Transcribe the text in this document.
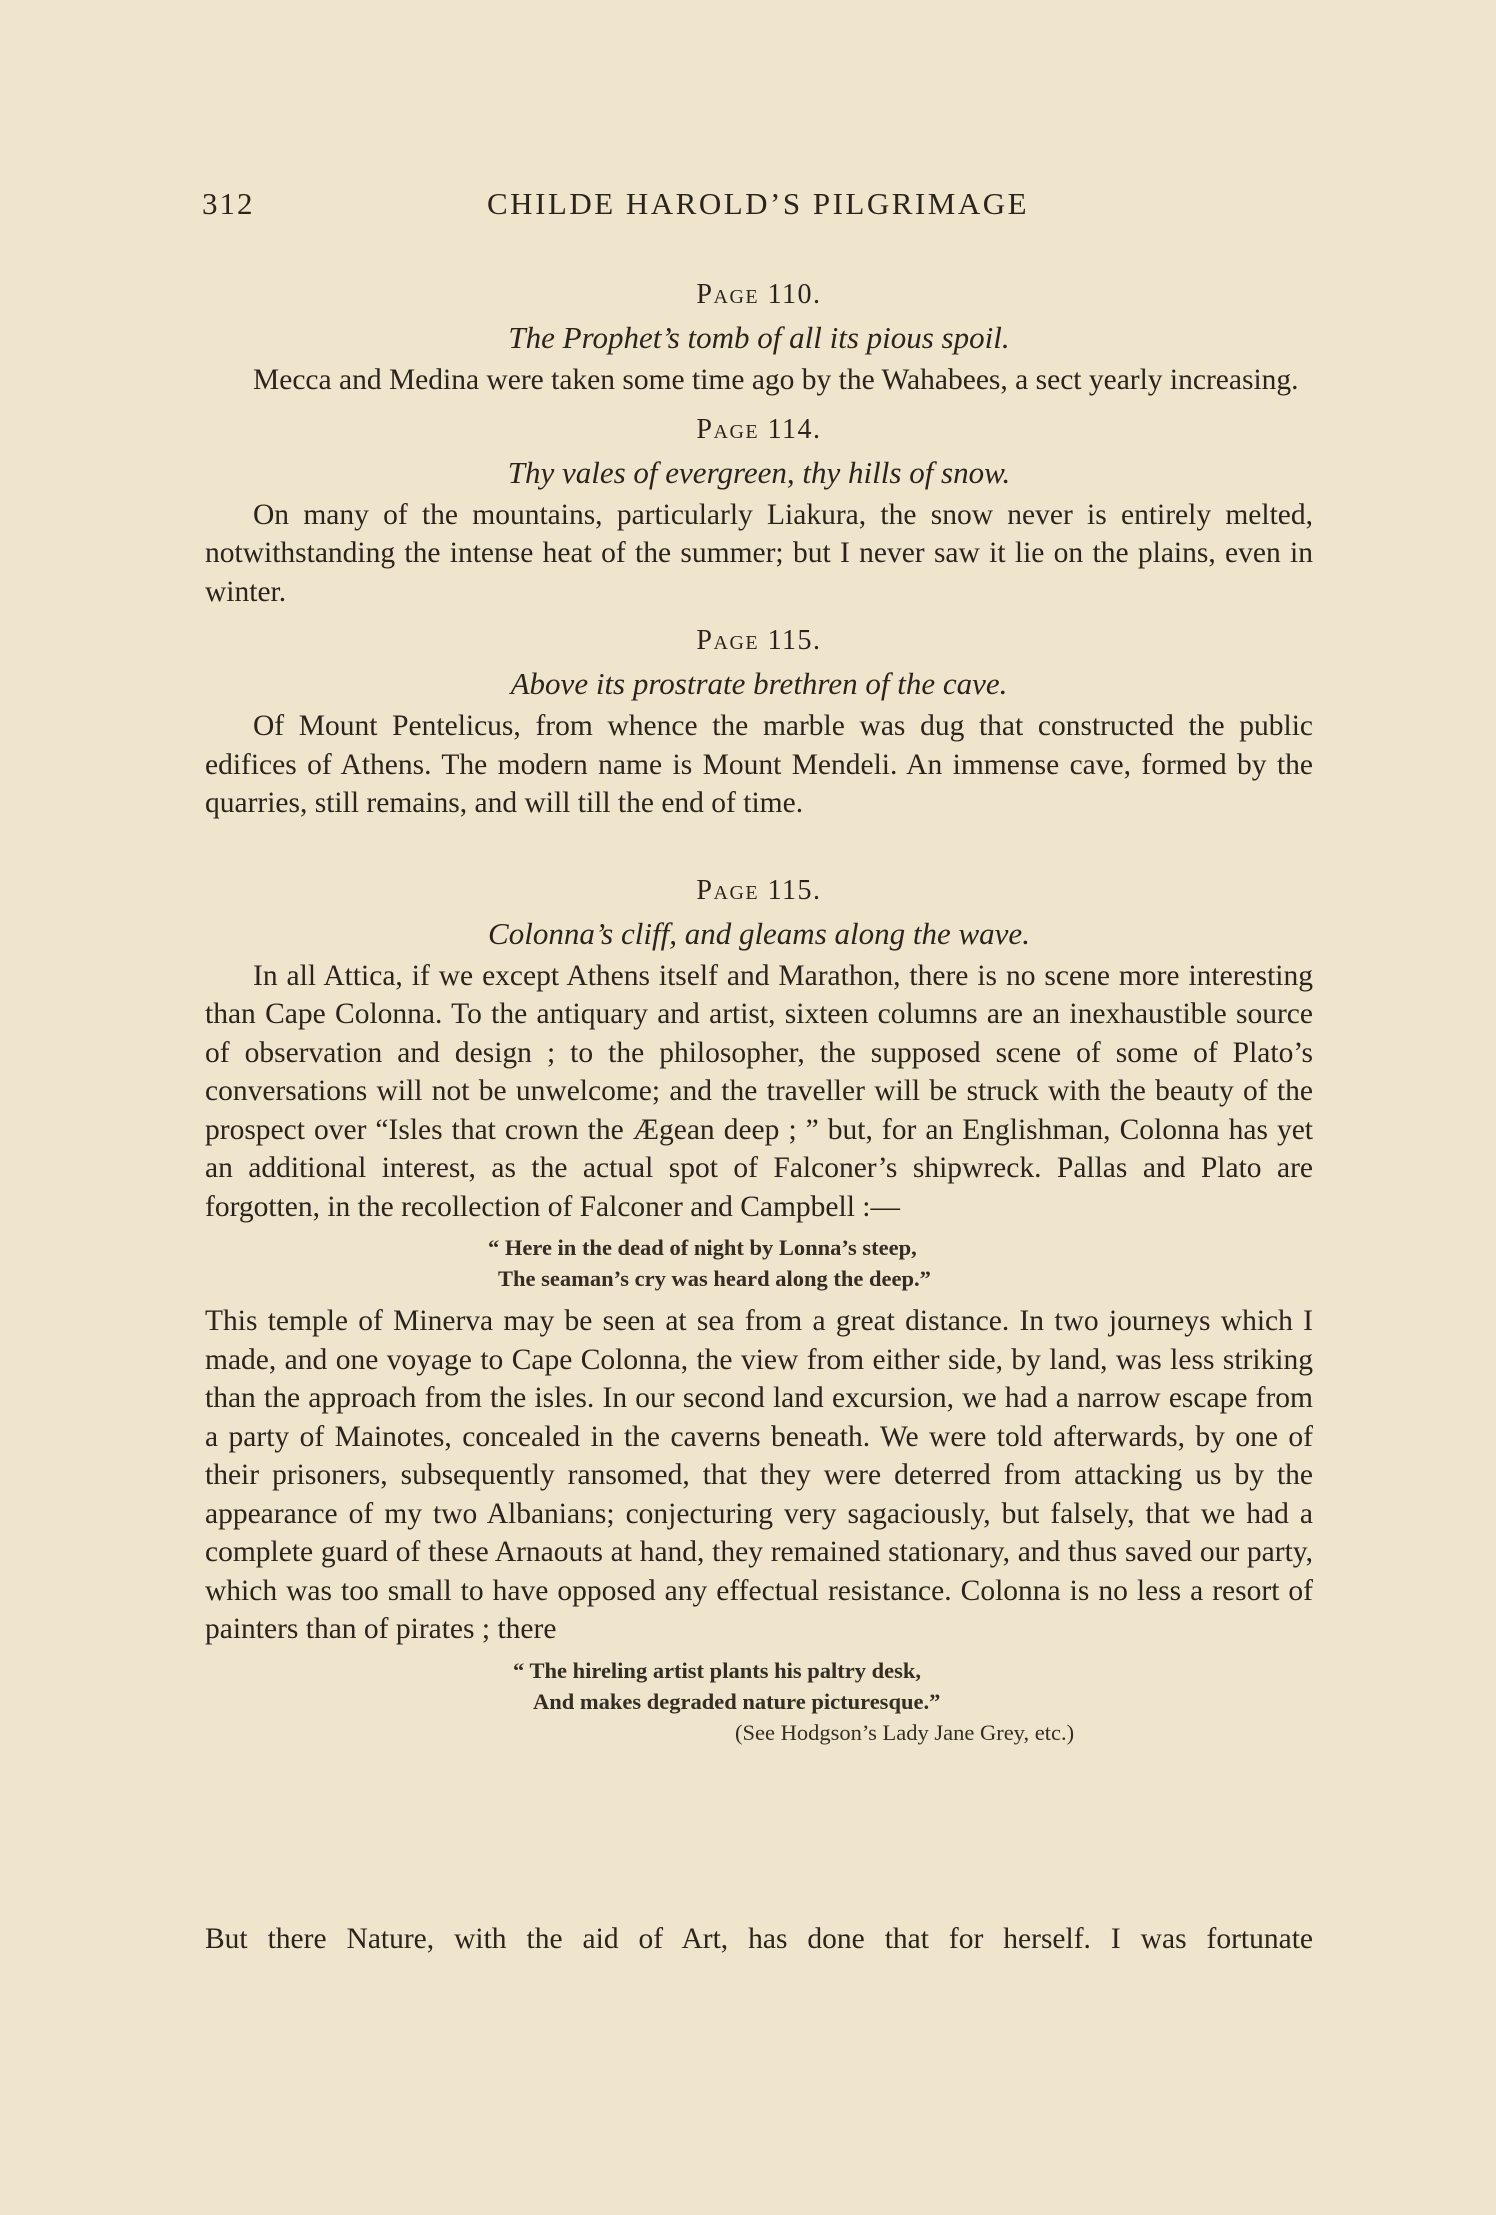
312	CHILDE HAROLD’S PILGRIMAGE

Page 110.

The Prophet’s tomb of all its pious spoil.

Mecca and Medina were taken some time ago by the Wahabees, a sect yearly increasing.

Page 114.

Thy vales of evergreen, thy hills of snow.

On many of the mountains, particularly Liakura, the snow never is entirely melted, notwithstanding the intense heat of the summer; but I never saw it lie on the plains, even in winter.

Page 115.

Above its prostrate brethren of the cave.

Of Mount Pentelicus, from whence the marble was dug that constructed the public edifices of Athens. The modern name is Mount Mendeli. An immense cave, formed by the quarries, still remains, and will till the end of time.

Page 115.

Colonna’s cliff, and gleams along the wave.

In all Attica, if we except Athens itself and Marathon, there is no scene more interesting than Cape Colonna. To the antiquary and artist, sixteen columns are an inexhaustible source of observation and design ; to the philosopher, the supposed scene of some of Plato’s conversations will not be unwelcome; and the traveller will be struck with the beauty of the prospect over “Isles that crown the Ægean deep ; ” but, for an Englishman, Colonna has yet an additional interest, as the actual spot of Falconer’s shipwreck. Pallas and Plato are forgotten, in the recollection of Falconer and Campbell :—

“ Here in the dead of night by Lonna’s steep,
The seaman’s cry was heard along the deep.”

This temple of Minerva may be seen at sea from a great distance. In two journeys which I made, and one voyage to Cape Colonna, the view from either side, by land, was less striking than the approach from the isles. In our second land excursion, we had a narrow escape from a party of Mainotes, concealed in the caverns beneath. We were told afterwards, by one of their prisoners, subsequently ransomed, that they were deterred from attacking us by the appearance of my two Albanians; conjecturing very sagaciously, but falsely, that we had a complete guard of these Arnaouts at hand, they remained stationary, and thus saved our party, which was too small to have opposed any effectual resistance. Colonna is no less a resort of painters than of pirates ; there

“ The hireling artist plants his paltry desk,
And makes degraded nature picturesque.”
(See Hodgson’s Lady Jane Grey, etc.)
But there Nature, with the aid of Art, has done that for herself. I was fortunate
